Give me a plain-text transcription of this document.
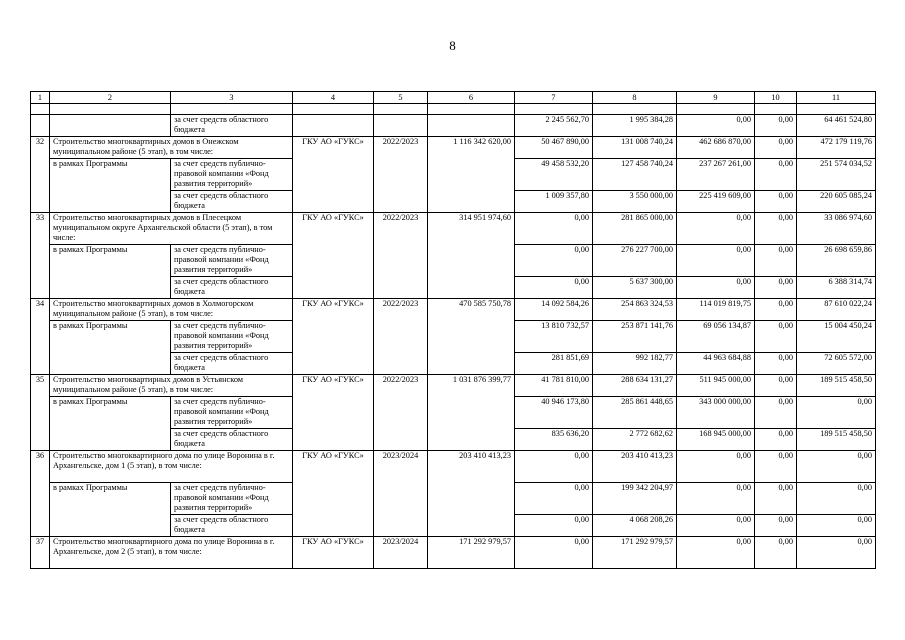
8
1	2	3	4	5	6	7	8	9	10	11

		за счет средств областного бюджета				2 245 562,70	1 995 384,28	0,00	0,00	64 461 524,80
32	Строительство многоквартирных домов в Онежском муниципальном районе (5 этап), в том числе:		ГКУ АО «ГУКС»	2022/2023	1 116 342 620,00	50 467 890,00	131 008 740,24	462 686 870,00	0,00	472 179 119,76
	в рамках Программы	за счет средств публично-правовой компании «Фонд развития территорий»				49 458 532,20	127 458 740,24	237 267 261,00	0,00	251 574 034,52
		за счет средств областного бюджета				1 009 357,80	3 550 000,00	225 419 609,00	0,00	220 605 085,24
33	Строительство многоквартирных домов в Плесецком муниципальном округе Архангельской области (5 этап), в том числе:		ГКУ АО «ГУКС»	2022/2023	314 951 974,60	0,00	281 865 000,00	0,00	0,00	33 086 974,60
	в рамках Программы	за счет средств публично-правовой компании «Фонд развития территорий»				0,00	276 227 700,00	0,00	0,00	26 698 659,86
		за счет средств областного бюджета				0,00	5 637 300,00	0,00	0,00	6 388 314,74
34	Строительство многоквартирных домов в Холмогорском муниципальном районе (5 этап), в том числе:		ГКУ АО «ГУКС»	2022/2023	470 585 750,78	14 092 584,26	254 863 324,53	114 019 819,75	0,00	87 610 022,24
	в рамках Программы	за счет средств публично-правовой компании «Фонд развития территорий»				13 810 732,57	253 871 141,76	69 056 134,87	0,00	15 004 450,24
		за счет средств областного бюджета				281 851,69	992 182,77	44 963 684,88	0,00	72 605 572,00
35	Строительство многоквартирных домов в Устьянском муниципальном районе (5 этап), в том числе:		ГКУ АО «ГУКС»	2022/2023	1 031 876 399,77	41 781 810,00	288 634 131,27	511 945 000,00	0,00	189 515 458,50
	в рамках Программы	за счет средств публично-правовой компании «Фонд развития территорий»				40 946 173,80	285 861 448,65	343 000 000,00	0,00	0,00
		за счет средств областного бюджета				835 636,20	2 772 682,62	168 945 000,00	0,00	189 515 458,50
36	Строительство многоквартирного дома по улице Воронина в г. Архангельске, дом 1 (5 этап), в том числе:		ГКУ АО «ГУКС»	2023/2024	203 410 413,23	0,00	203 410 413,23	0,00	0,00	0,00
	в рамках Программы	за счет средств публично-правовой компании «Фонд развития территорий»				0,00	199 342 204,97	0,00	0,00	0,00
		за счет средств областного бюджета				0,00	4 068 208,26	0,00	0,00	0,00
37	Строительство многоквартирного дома по улице Воронина в г. Архангельске, дом 2 (5 этап), в том числе:		ГКУ АО «ГУКС»	2023/2024	171 292 979,57	0,00	171 292 979,57	0,00	0,00	0,00
